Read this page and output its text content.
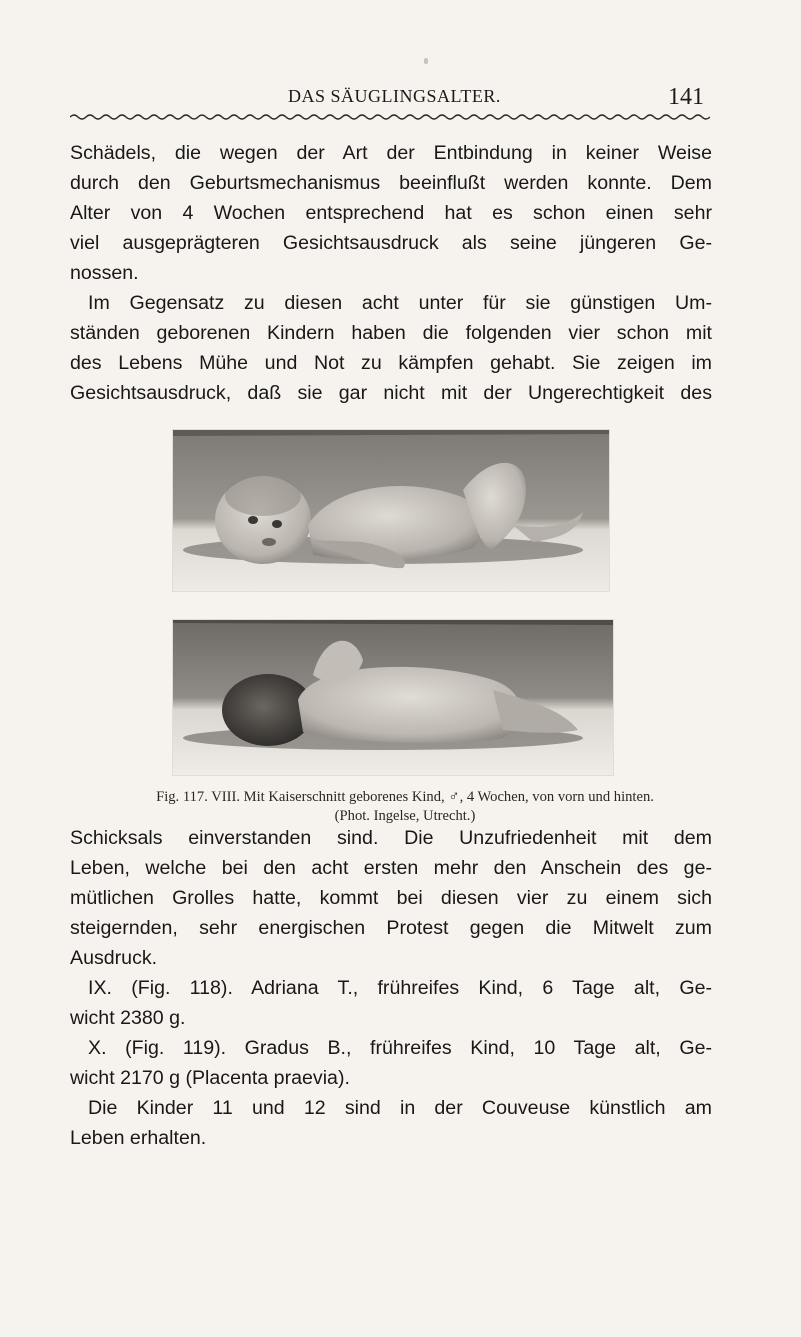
DAS SÄUGLINGSALTER.	141
Schädels, die wegen der Art der Entbindung in keiner Weise
durch den Geburtsmechanismus beeinflußt werden konnte. Dem
Alter von 4 Wochen entsprechend hat es schon einen sehr
viel ausgeprägteren Gesichtsausdruck als seine jüngeren Ge-
nossen.
Im Gegensatz zu diesen acht unter für sie günstigen Um-
ständen geborenen Kindern haben die folgenden vier schon mit
des Lebens Mühe und Not zu kämpfen gehabt. Sie zeigen im
Gesichtsausdruck, daß sie gar nicht mit der Ungerechtigkeit des
Fig. 117. VIII. Mit Kaiserschnitt geborenes Kind, ♂, 4 Wochen, von vorn und hinten.
(Phot. Ingelse, Utrecht.)
Schicksals einverstanden sind. Die Unzufriedenheit mit dem
Leben, welche bei den acht ersten mehr den Anschein des ge-
mütlichen Grolles hatte, kommt bei diesen vier zu einem sich
steigernden, sehr energischen Protest gegen die Mitwelt zum
Ausdruck.
IX. (Fig. 118). Adriana T., frühreifes Kind, 6 Tage alt, Ge-
wicht 2380 g.
X. (Fig. 119). Gradus B., frühreifes Kind, 10 Tage alt, Ge-
wicht 2170 g (Placenta praevia).
Die Kinder 11 und 12 sind in der Couveuse künstlich am
Leben erhalten.
